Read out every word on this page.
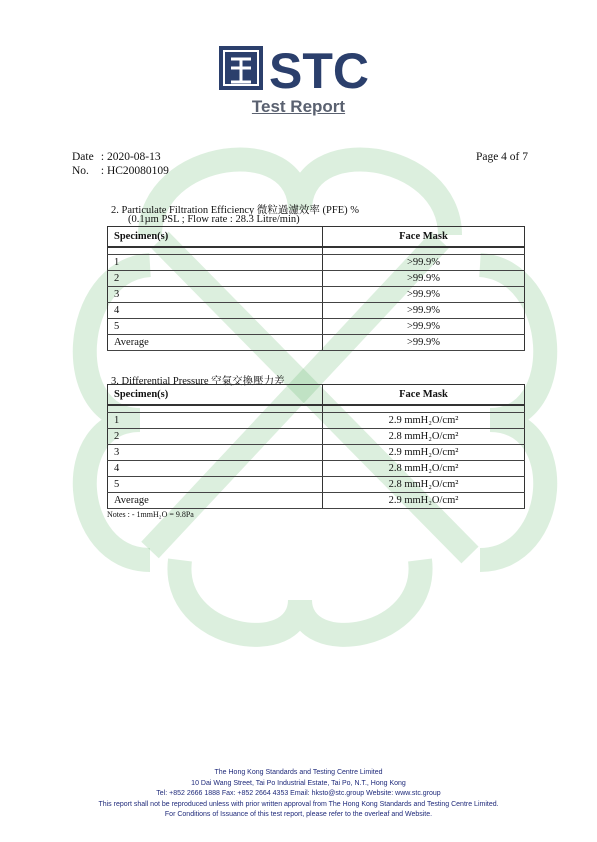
STC
Test Report
Date : 2020-08-13
No. : HC20080109
Page 4 of 7
2. Particulate Filtration Efficiency 微粒過濾效率 (PFE) %
(0.1µm PSL ; Flow rate : 28.3 Litre/min)
Specimen(s)	Face Mask

1	>99.9%
2	>99.9%
3	>99.9%
4	>99.9%
5	>99.9%
Average	>99.9%
3. Differential Pressure 空氣交換壓力差
Specimen(s)	Face Mask

1	2.9 mmH₂O/cm²
2	2.8 mmH₂O/cm²
3	2.9 mmH₂O/cm²
4	2.8 mmH₂O/cm²
5	2.8 mmH₂O/cm²
Average	2.9 mmH₂O/cm²
Notes : - 1mmH₂O = 9.8Pa
The Hong Kong Standards and Testing Centre Limited
10 Dai Wang Street, Tai Po Industrial Estate, Tai Po, N.T., Hong Kong
Tel: +852 2666 1888 Fax: +852 2664 4353 Email: hksto@stc.group Website: www.stc.group
This report shall not be reproduced unless with prior written approval from The Hong Kong Standards and Testing Centre Limited.
For Conditions of Issuance of this test report, please refer to the overleaf and Website.
